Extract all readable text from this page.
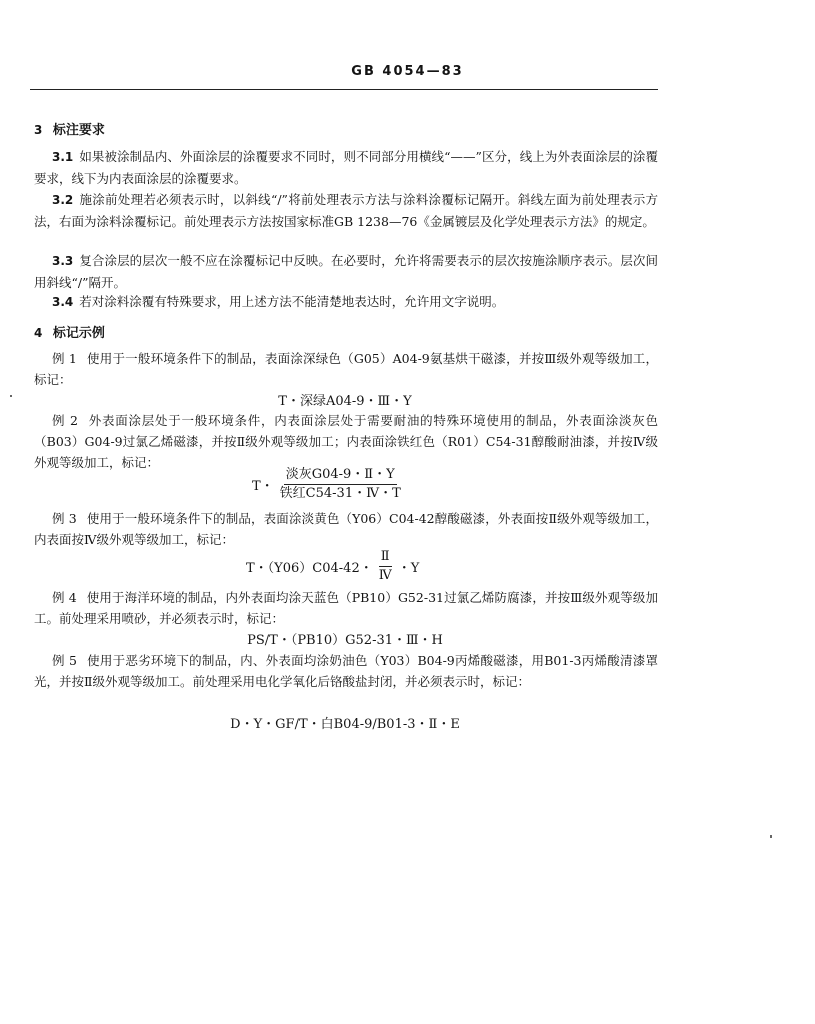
GB 4054—83
3 标注要求
3.1 如果被涂制品内、外面涂层的涂覆要求不同时，则不同部分用横线“——”区分，线上为外表面涂层的涂覆要求，线下为内表面涂层的涂覆要求。
3.2 施涂前处理若必须表示时，以斜线“/”将前处理表示方法与涂料涂覆标记隔开。斜线左面为前处理表示方法，右面为涂料涂覆标记。前处理表示方法按国家标准GB 1238—76《金属镀层及化学处理表示方法》的规定。
3.3 复合涂层的层次一般不应在涂覆标记中反映。在必要时，允许将需要表示的层次按施涂顺序表示。层次间用斜线“/”隔开。
3.4 若对涂料涂覆有特殊要求，用上述方法不能清楚地表达时，允许用文字说明。
4 标记示例
例 1 使用于一般环境条件下的制品，表面涂深绿色（G05）A04-9氨基烘干磁漆，并按Ⅲ级外观等级加工，标记：
T・深绿A04-9・Ⅲ・Y
例 2 外表面涂层处于一般环境条件，内表面涂层处于需要耐油的特殊环境使用的制品，外表面涂淡灰色（B03）G04-9过氯乙烯磁漆，并按Ⅱ级外观等级加工；内表面涂铁红色（R01）C54-31醇酸耐油漆，并按Ⅳ级外观等级加工，标记：
T・ $\frac{\text{淡灰G04-9・Ⅱ・Y}}{\text{铁红C54-31・Ⅳ・T}}$
例 3 使用于一般环境条件下的制品，表面涂淡黄色（Y06）C04-42醇酸磁漆，外表面按Ⅱ级外观等级加工，内表面按Ⅳ级外观等级加工，标记：
T・（Y06）C04-42・ $\frac{\text{Ⅱ}}{\text{Ⅳ}}$ ・Y
例 4 使用于海洋环境的制品，内外表面均涂天蓝色（PB10）G52-31过氯乙烯防腐漆，并按Ⅲ级外观等级加工。前处理采用喷砂，并必须表示时，标记：
PS/T・（PB10）G52-31・Ⅲ・H
例 5 使用于恶劣环境下的制品，内、外表面均涂奶油色（Y03）B04-9丙烯酸磁漆，用B01-3丙烯酸清漆罩光，并按Ⅱ级外观等级加工。前处理采用电化学氧化后铬酸盐封闭，并必须表示时，标记：
D・Y・GF/T・白B04-9/B01-3・Ⅱ・E
